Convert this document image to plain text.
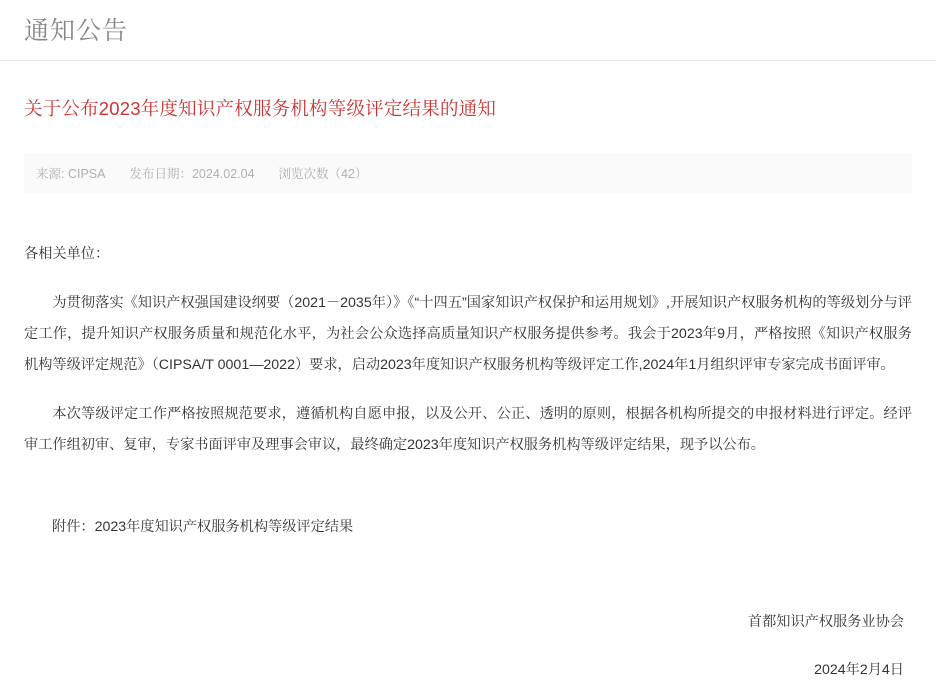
通知公告
关于公布2023年度知识产权服务机构等级评定结果的通知
来源: CIPSA 发布日期：2024.02.04 浏览次数（42）

各相关单位：

为贯彻落实《知识产权强国建设纲要（2021－2035年）》《“十四五”国家知识产权保护和运用规划》,开展知识产权服务机构的等级划分与评定工作，提升知识产权服务质量和规范化水平，为社会公众选择高质量知识产权服务提供参考。我会于2023年9月，严格按照《知识产权服务机构等级评定规范》（CIPSA/T 0001—2022）要求，启动2023年度知识产权服务机构等级评定工作,2024年1月组织评审专家完成书面评审。

本次等级评定工作严格按照规范要求，遵循机构自愿申报，以及公开、公正、透明的原则，根据各机构所提交的申报材料进行评定。经评审工作组初审、复审，专家书面评审及理事会审议，最终确定2023年度知识产权服务机构等级评定结果，现予以公布。

附件：2023年度知识产权服务机构等级评定结果
首都知识产权服务业协会
2024年2月4日
